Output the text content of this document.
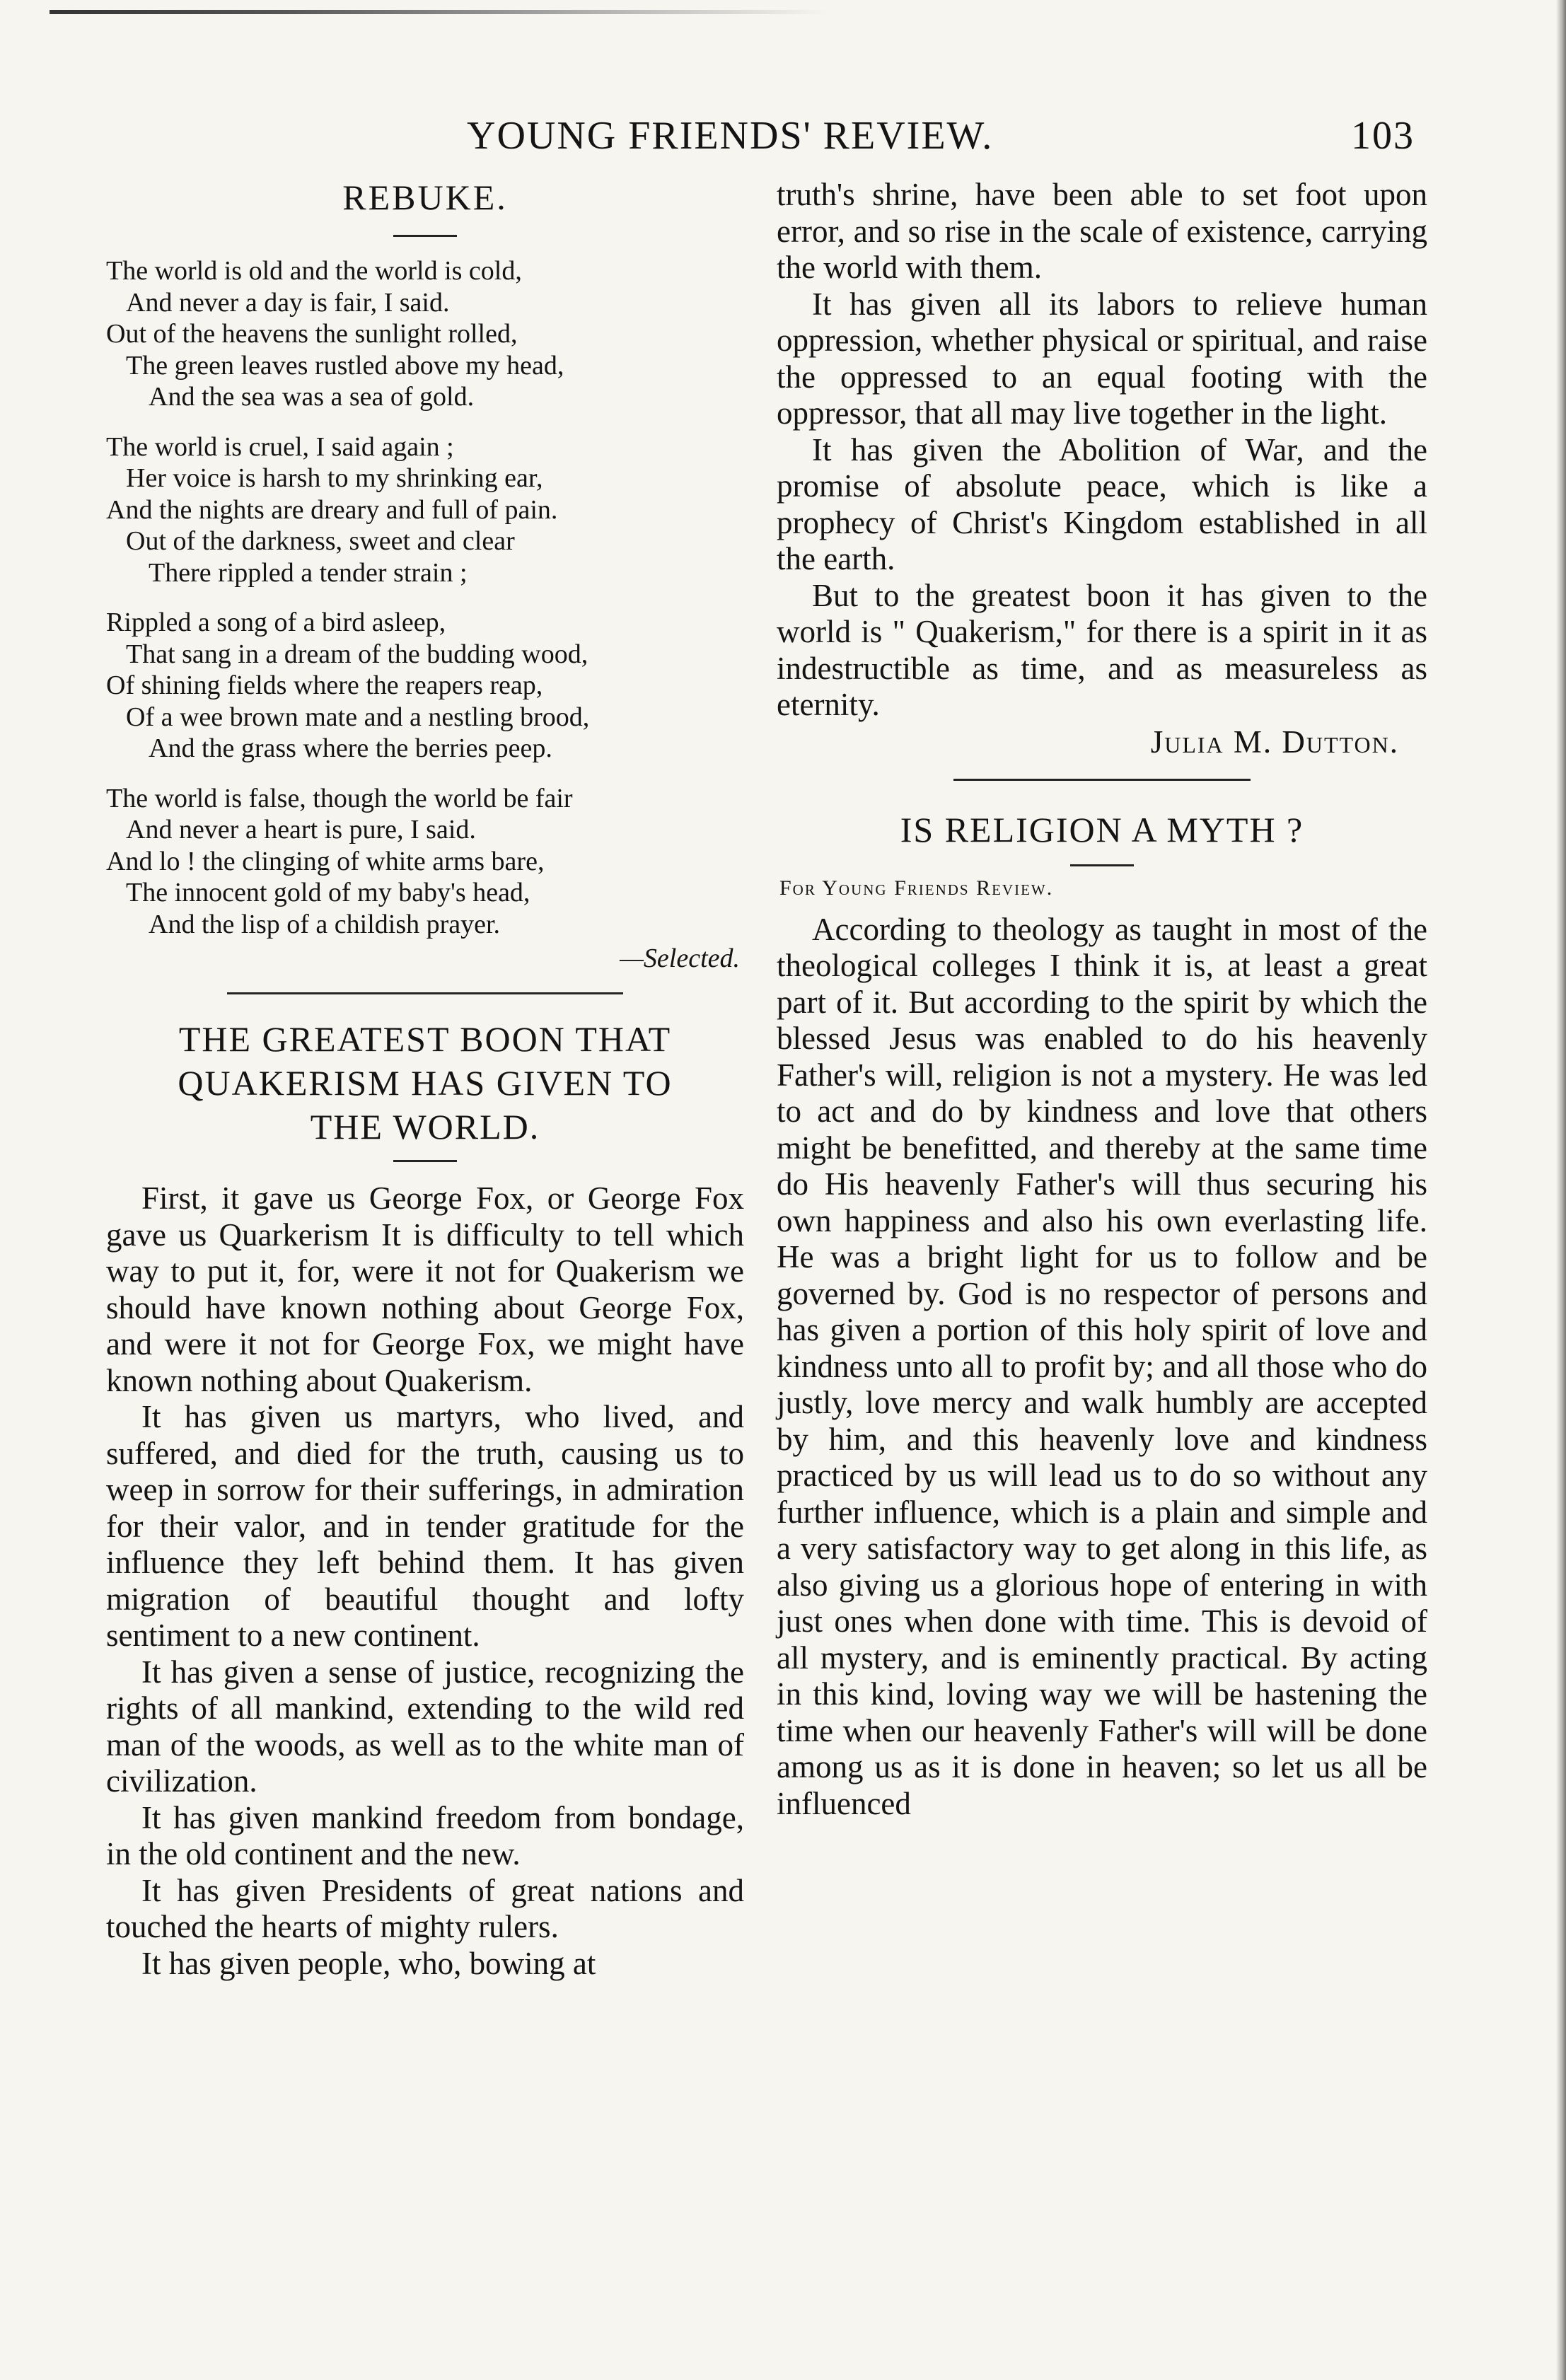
YOUNG FRIENDS' REVIEW.	103
REBUKE.
The world is old and the world is cold,
And never a day is fair, I said.
Out of the heavens the sunlight rolled,
The green leaves rustled above my head,
And the sea was a sea of gold.
The world is cruel, I said again ;
Her voice is harsh to my shrinking ear,
And the nights are dreary and full of pain.
Out of the darkness, sweet and clear
There rippled a tender strain ;
Rippled a song of a bird asleep,
That sang in a dream of the budding wood,
Of shining fields where the reapers reap,
Of a wee brown mate and a nestling brood,
And the grass where the berries peep.
The world is false, though the world be fair
And never a heart is pure, I said.
And lo ! the clinging of white arms bare,
The innocent gold of my baby's head,
And the lisp of a childish prayer.
—Selected.
THE GREATEST BOON THAT
QUAKERISM HAS GIVEN TO
THE WORLD.

First, it gave us George Fox, or George Fox gave us Quarkerism It is difficulty to tell which way to put it, for, were it not for Quakerism we should have known nothing about George Fox, and were it not for George Fox, we might have known nothing about Quakerism.

It has given us martyrs, who lived, and suffered, and died for the truth, causing us to weep in sorrow for their sufferings, in admiration for their valor, and in tender gratitude for the influence they left behind them. It has given migration of beautiful thought and lofty sentiment to a new continent.

It has given a sense of justice, recognizing the rights of all mankind, extending to the wild red man of the woods, as well as to the white man of civilization.

It has given mankind freedom from bondage, in the old continent and the new.

It has given Presidents of great nations and touched the hearts of mighty rulers.

It has given people, who, bowing at

truth's shrine, have been able to set foot upon error, and so rise in the scale of existence, carrying the world with them.

It has given all its labors to relieve human oppression, whether physical or spiritual, and raise the oppressed to an equal footing with the oppressor, that all may live together in the light.

It has given the Abolition of War, and the promise of absolute peace, which is like a prophecy of Christ's Kingdom established in all the earth.

But to the greatest boon it has given to the world is " Quakerism," for there is a spirit in it as indestructible as time, and as measureless as eternity.

Julia M. Dutton.
IS RELIGION A MYTH ?
For Young Friends Review.

According to theology as taught in most of the theological colleges I think it is, at least a great part of it. But according to the spirit by which the blessed Jesus was enabled to do his heavenly Father's will, religion is not a mystery. He was led to act and do by kindness and love that others might be benefitted, and thereby at the same time do His heavenly Father's will thus securing his own happiness and also his own everlasting life. He was a bright light for us to follow and be governed by. God is no respector of persons and has given a portion of this holy spirit of love and kindness unto all to profit by; and all those who do justly, love mercy and walk humbly are accepted by him, and this heavenly love and kindness practiced by us will lead us to do so without any further influence, which is a plain and simple and a very satisfactory way to get along in this life, as also giving us a glorious hope of entering in with just ones when done with time. This is devoid of all mystery, and is eminently practical. By acting in this kind, loving way we will be hastening the time when our heavenly Father's will will be done among us as it is done in heaven; so let us all be influenced
